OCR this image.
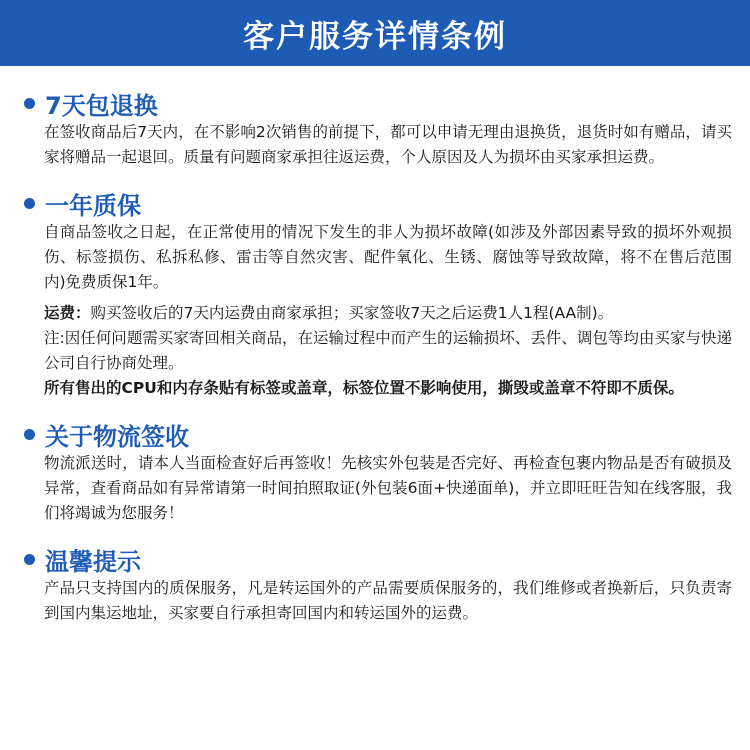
客户服务详情条例
7天包退换

在签收商品后7天内，在不影响2次销售的前提下，都可以申请无理由退换货，退货时如有赠品，请买家将赠品一起退回。质量有问题商家承担往返运费，个人原因及人为损坏由买家承担运费。

一年质保

自商品签收之日起，在正常使用的情况下发生的非人为损坏故障(如涉及外部因素导致的损坏外观损伤、标签损伤、私拆私修、雷击等自然灾害、配件氧化、生锈、腐蚀等导致故障，将不在售后范围内)免费质保1年。

运费：购买签收后的7天内运费由商家承担；买家签收7天之后运费1人1程(AA制)。
注:因任何问题需买家寄回相关商品，在运输过程中而产生的运输损坏、丢件、调包等均由买家与快递公司自行协商处理。
所有售出的CPU和内存条贴有标签或盖章，标签位置不影响使用，撕毁或盖章不符即不质保。

关于物流签收

物流派送时，请本人当面检查好后再签收！先核实外包装是否完好、再检查包裹内物品是否有破损及异常，查看商品如有异常请第一时间拍照取证(外包装6面+快递面单)，并立即旺旺告知在线客服，我们将竭诚为您服务！

温馨提示

产品只支持国内的质保服务，凡是转运国外的产品需要质保服务的，我们维修或者换新后，只负责寄到国内集运地址，买家要自行承担寄回国内和转运国外的运费。
